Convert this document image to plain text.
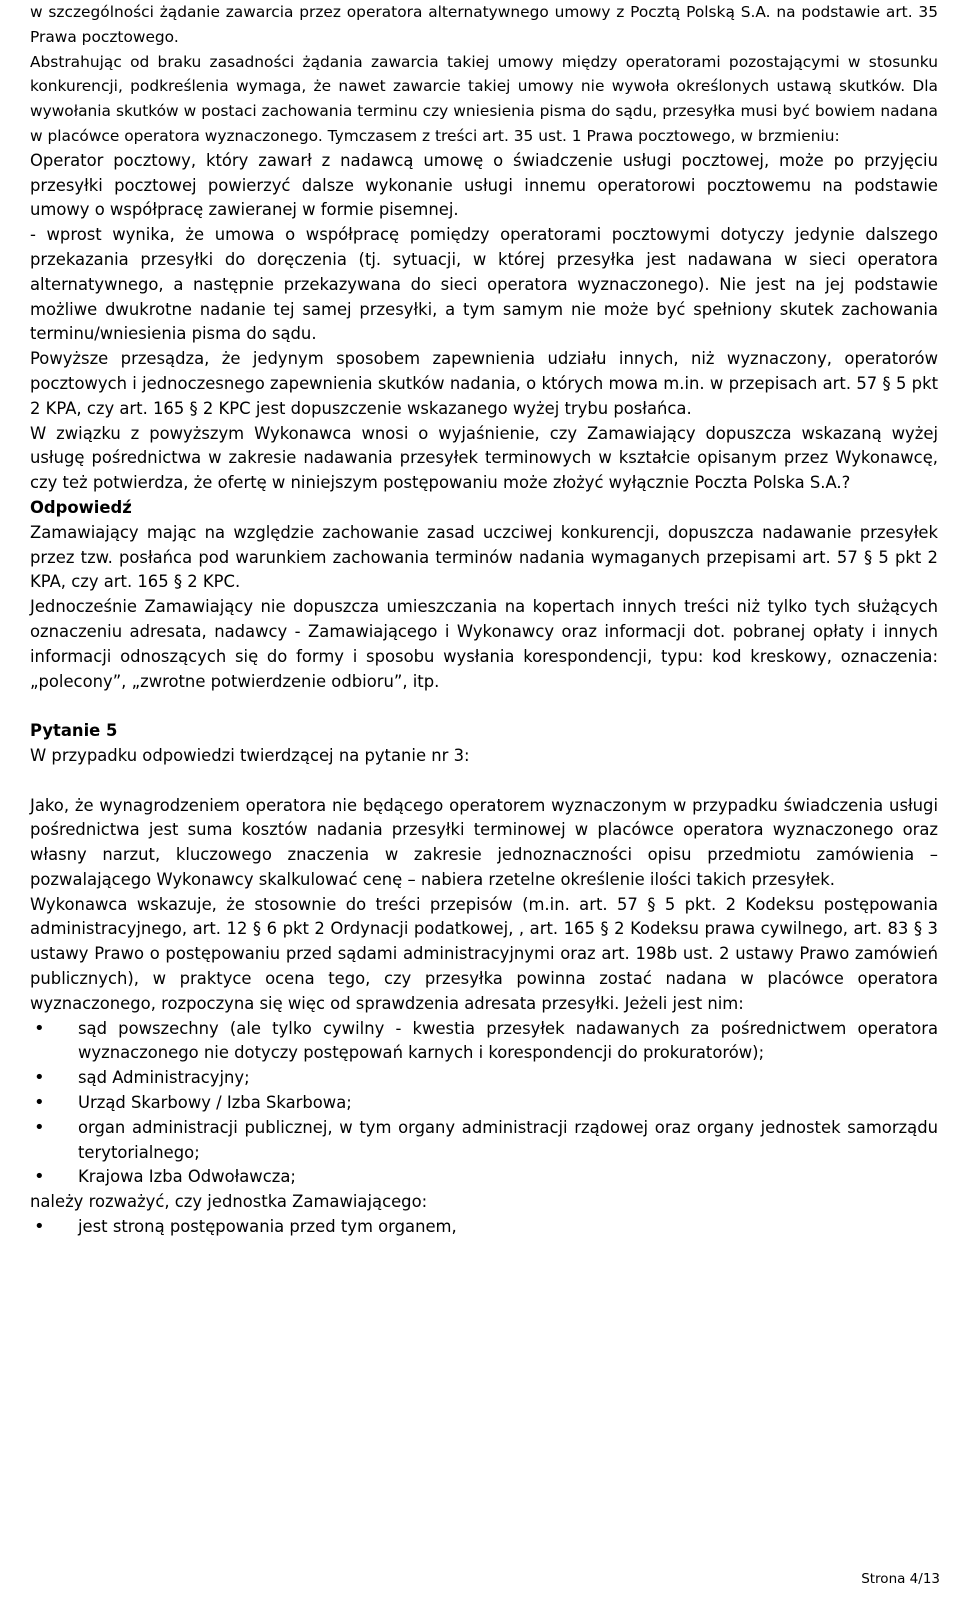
w szczególności żądanie zawarcia przez operatora alternatywnego umowy z Pocztą Polską S.A. na podstawie art. 35 Prawa pocztowego.

Abstrahując od braku zasadności żądania zawarcia takiej umowy między operatorami pozostającymi w stosunku konkurencji, podkreślenia wymaga, że nawet zawarcie takiej umowy nie wywoła określonych ustawą skutków. Dla wywołania skutków w postaci zachowania terminu czy wniesienia pisma do sądu, przesyłka musi być bowiem nadana w placówce operatora wyznaczonego. Tymczasem z treści art. 35 ust. 1 Prawa pocztowego, w brzmieniu:

Operator pocztowy, który zawarł z nadawcą umowę o świadczenie usługi pocztowej, może po przyjęciu przesyłki pocztowej powierzyć dalsze wykonanie usługi innemu operatorowi pocztowemu na podstawie umowy o współpracę zawieranej w formie pisemnej.

- wprost wynika, że umowa o współpracę pomiędzy operatorami pocztowymi dotyczy jedynie dalszego przekazania przesyłki do doręczenia (tj. sytuacji, w której przesyłka jest nadawana w sieci operatora alternatywnego, a następnie przekazywana do sieci operatora wyznaczonego). Nie jest na jej podstawie możliwe dwukrotne nadanie tej samej przesyłki, a tym samym nie może być spełniony skutek zachowania terminu/wniesienia pisma do sądu.

Powyższe przesądza, że jedynym sposobem zapewnienia udziału innych, niż wyznaczony, operatorów pocztowych i jednoczesnego zapewnienia skutków nadania, o których mowa m.in. w przepisach art. 57 § 5 pkt 2 KPA, czy art. 165 § 2 KPC jest dopuszczenie wskazanego wyżej trybu posłańca.

W związku z powyższym Wykonawca wnosi o wyjaśnienie, czy Zamawiający dopuszcza wskazaną wyżej usługę pośrednictwa w zakresie nadawania przesyłek terminowych w kształcie opisanym przez Wykonawcę, czy też potwierdza, że ofertę w niniejszym postępowaniu może złożyć wyłącznie Poczta Polska S.A.?

Odpowiedź

Zamawiający mając na względzie zachowanie zasad uczciwej konkurencji, dopuszcza nadawanie przesyłek przez tzw. posłańca pod warunkiem zachowania terminów nadania wymaganych przepisami art. 57 § 5 pkt 2 KPA, czy art. 165 § 2 KPC.

Jednocześnie Zamawiający nie dopuszcza umieszczania na kopertach innych treści niż tylko tych służących oznaczeniu adresata, nadawcy - Zamawiającego i Wykonawcy oraz informacji dot. pobranej opłaty i innych informacji odnoszących się do formy i sposobu wysłania korespondencji, typu: kod kreskowy, oznaczenia: „polecony”, „zwrotne potwierdzenie odbioru”, itp.

Pytanie 5

W przypadku odpowiedzi twierdzącej na pytanie nr 3:

Jako, że wynagrodzeniem operatora nie będącego operatorem wyznaczonym w przypadku świadczenia usługi pośrednictwa jest suma kosztów nadania przesyłki terminowej w placówce operatora wyznaczonego oraz własny narzut, kluczowego znaczenia w zakresie jednoznaczności opisu przedmiotu zamówienia – pozwalającego Wykonawcy skalkulować cenę – nabiera rzetelne określenie ilości takich przesyłek.

Wykonawca wskazuje, że stosownie do treści przepisów (m.in. art. 57 § 5 pkt. 2 Kodeksu postępowania administracyjnego, art. 12 § 6 pkt 2 Ordynacji podatkowej, , art. 165 § 2 Kodeksu prawa cywilnego, art. 83 § 3 ustawy Prawo o postępowaniu przed sądami administracyjnymi oraz art. 198b ust. 2 ustawy Prawo zamówień publicznych), w praktyce ocena tego, czy przesyłka powinna zostać nadana w placówce operatora wyznaczonego, rozpoczyna się więc od sprawdzenia adresata przesyłki. Jeżeli jest nim:

• sąd powszechny (ale tylko cywilny - kwestia przesyłek nadawanych za pośrednictwem operatora wyznaczonego nie dotyczy postępowań karnych i korespondencji do prokuratorów);
• sąd Administracyjny;
• Urząd Skarbowy / Izba Skarbowa;
• organ administracji publicznej, w tym organy administracji rządowej oraz organy jednostek samorządu terytorialnego;
• Krajowa Izba Odwoławcza;

należy rozważyć, czy jednostka Zamawiającego:

• jest stroną postępowania przed tym organem,
Strona 4/13
